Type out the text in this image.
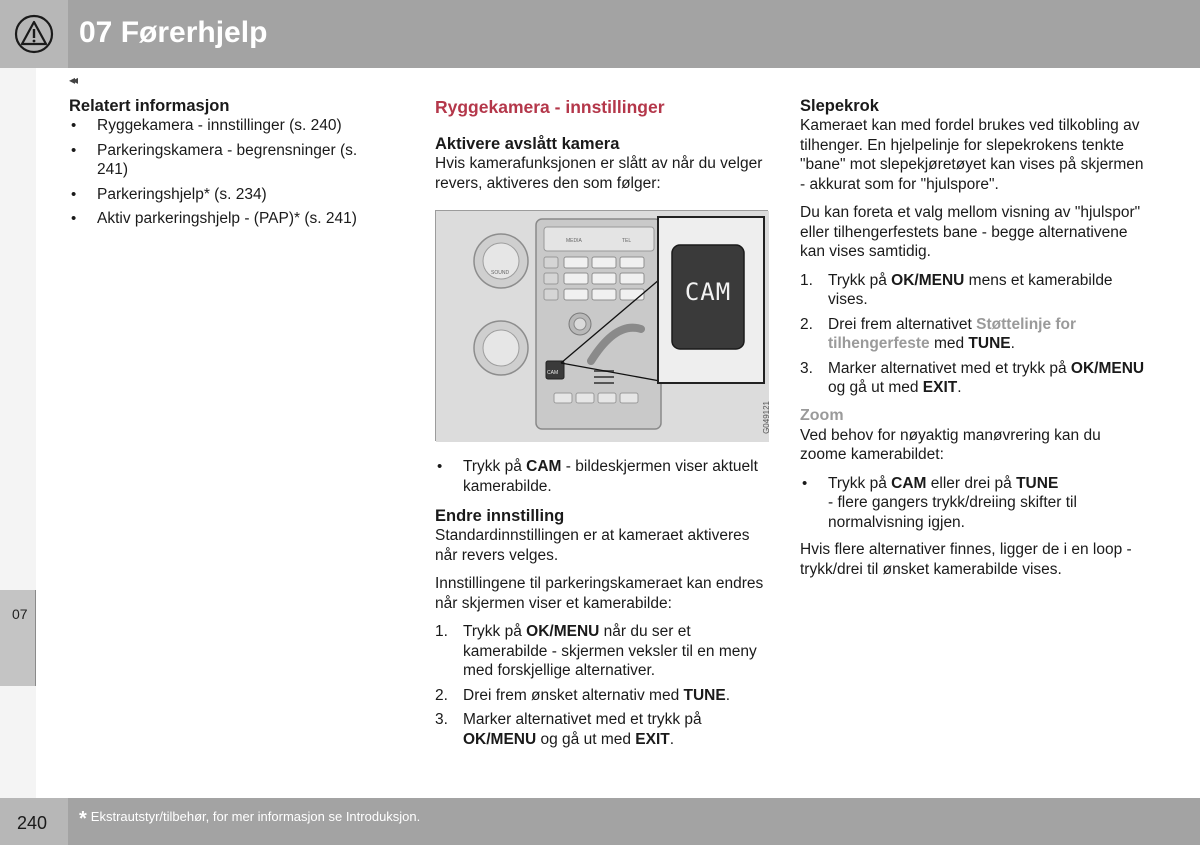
07 Førerhjelp
07
◂◂
Relatert informasjon
• Ryggekamera - innstillinger (s. 240)
• Parkeringskamera - begrensninger (s. 241)
• Parkeringshjelp* (s. 234)
• Aktiv parkeringshjelp - (PAP)* (s. 241)
Ryggekamera - innstillinger
Aktivere avslått kamera

Hvis kamerafunksjonen er slått av når du velger revers, aktiveres den som følger:

SOUND
MEDIA	TEL
CAM
CAM
G049121
• Trykk på CAM - bildeskjermen viser aktuelt kamerabilde.
Endre innstilling

Standardinnstillingen er at kameraet aktiveres når revers velges.

Innstillingene til parkeringskameraet kan endres når skjermen viser et kamerabilde:

1. Trykk på OK/MENU når du ser et kamerabilde - skjermen veksler til en meny med forskjellige alternativer.
2. Drei frem ønsket alternativ med TUNE.
3. Marker alternativet med et trykk på OK/MENU og gå ut med EXIT.
Slepekrok

Kameraet kan med fordel brukes ved tilkobling av tilhenger. En hjelpelinje for slepekrokens tenkte "bane" mot slepekjøretøyet kan vises på skjermen - akkurat som for "hjulspore".

Du kan foreta et valg mellom visning av "hjulspor" eller tilhengerfestets bane - begge alternativene kan vises samtidig.

1. Trykk på OK/MENU mens et kamerabilde vises.
2. Drei frem alternativet Støttelinje for tilhengerfeste med TUNE.
3. Marker alternativet med et trykk på OK/MENU og gå ut med EXIT.
Zoom

Ved behov for nøyaktig manøvrering kan du zoome kamerabildet:

• Trykk på CAM eller drei på TUNE
- flere gangers trykk/dreiing skifter til normalvisning igjen.

Hvis flere alternativer finnes, ligger de i en loop - trykk/drei til ønsket kamerabilde vises.

240 * Ekstrautstyr/tilbehør, for mer informasjon se Introduksjon.
